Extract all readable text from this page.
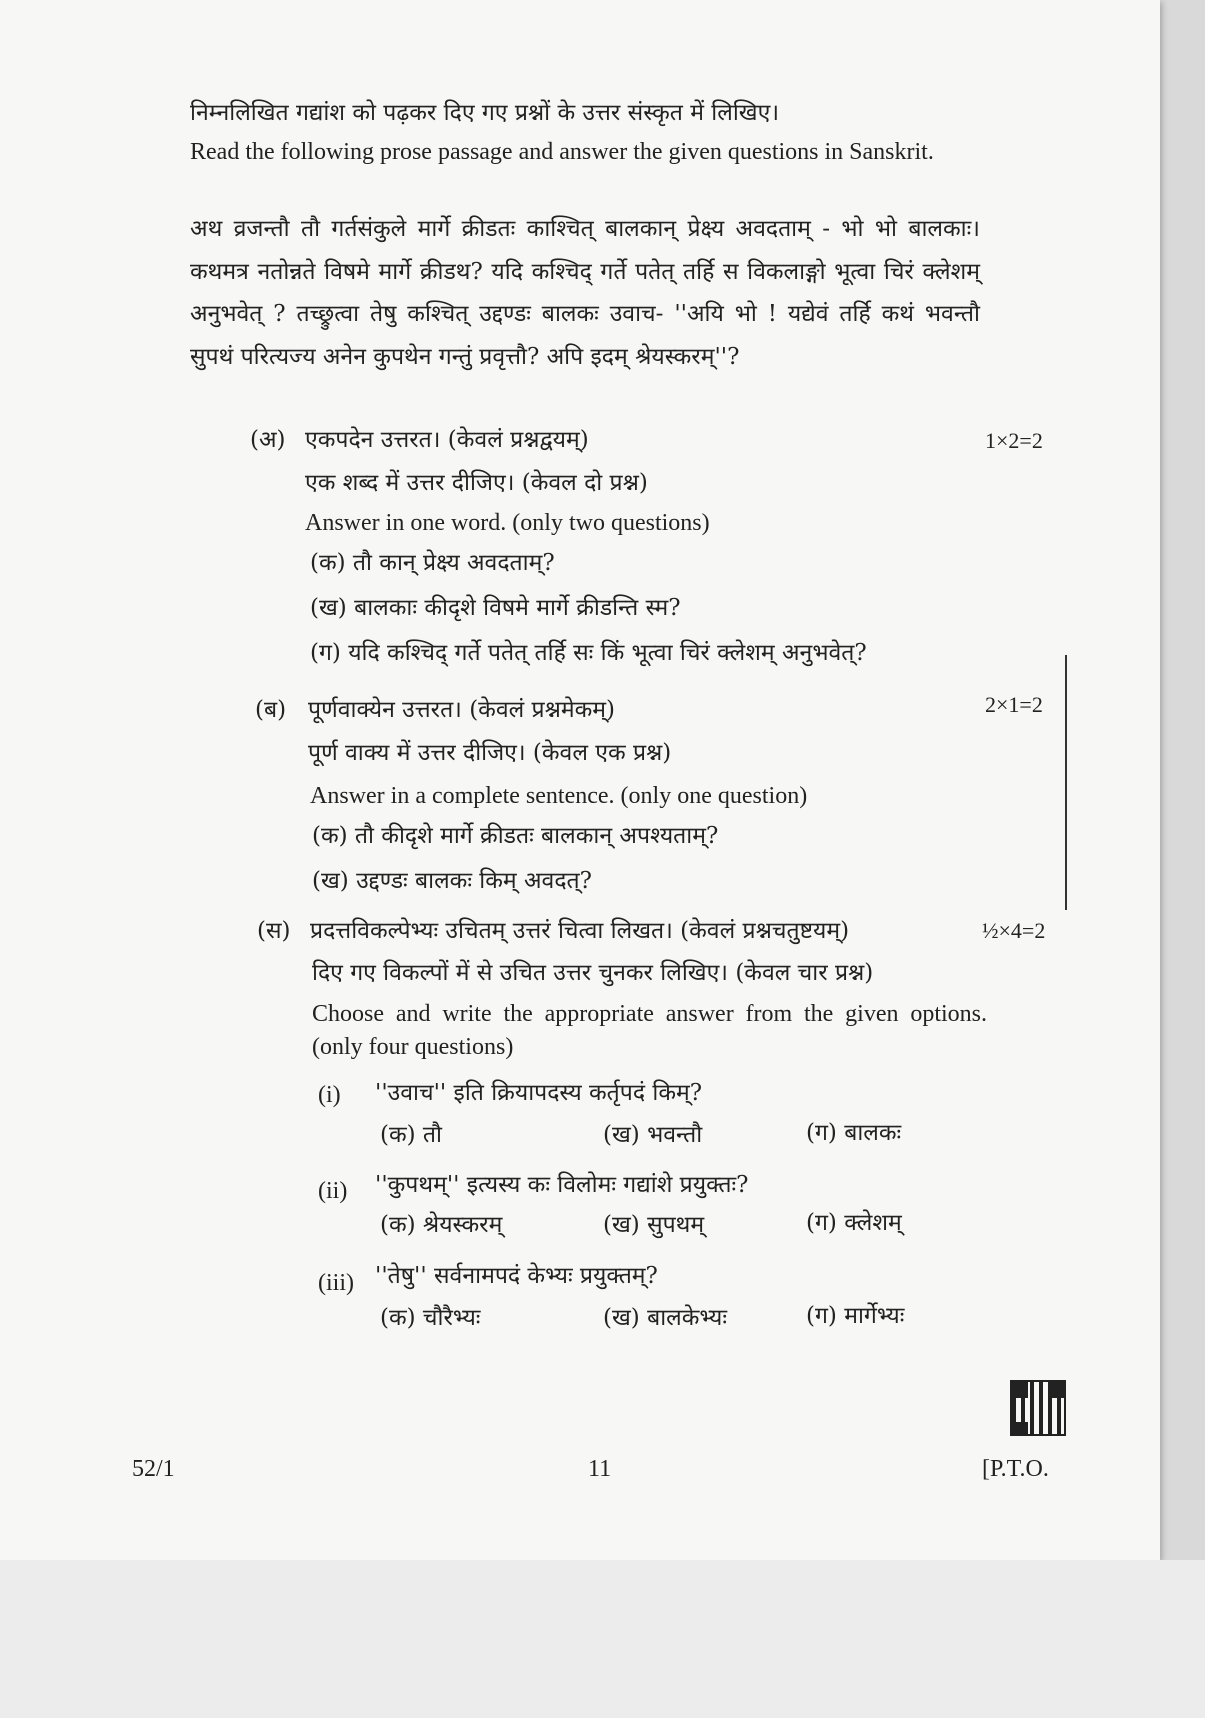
निम्नलिखित गद्यांश को पढ़कर दिए गए प्रश्नों के उत्तर संस्कृत में लिखिए।
Read the following prose passage and answer the given questions in Sanskrit.
अथ व्रजन्तौ तौ गर्तसंकुले मार्गे क्रीडतः काश्चित् बालकान् प्रेक्ष्य अवदताम् - भो भो बालकाः। कथमत्र नतोन्नते विषमे मार्गे क्रीडथ? यदि कश्चिद् गर्ते पतेत् तर्हि स विकलाङ्गो भूत्वा चिरं क्लेशम् अनुभवेत् ? तच्छ्रुत्वा तेषु कश्चित् उद्दण्डः बालकः उवाच- ''अयि भो ! यद्येवं तर्हि कथं भवन्तौ सुपथं परित्यज्य अनेन कुपथेन गन्तुं प्रवृत्तौ? अपि इदम् श्रेयस्करम्''?
(अ) एकपदेन उत्तरत। (केवलं प्रश्नद्वयम्)	1×2=2
एक शब्द में उत्तर दीजिए। (केवल दो प्रश्न)
Answer in one word. (only two questions)
(क) तौ कान् प्रेक्ष्य अवदताम्?
(ख) बालकाः कीदृशे विषमे मार्गे क्रीडन्ति स्म?
(ग) यदि कश्चिद् गर्ते पतेत् तर्हि सः किं भूत्वा चिरं क्लेशम् अनुभवेत्?
(ब) पूर्णवाक्येन उत्तरत। (केवलं प्रश्नमेकम्)	2×1=2
पूर्ण वाक्य में उत्तर दीजिए। (केवल एक प्रश्न)
Answer in a complete sentence. (only one question)
(क) तौ कीदृशे मार्गे क्रीडतः बालकान् अपश्यताम्?
(ख) उद्दण्डः बालकः किम् अवदत्?
(स) प्रदत्तविकल्पेभ्यः उचितम् उत्तरं चित्वा लिखत। (केवलं प्रश्नचतुष्टयम्)	½×4=2
दिए गए विकल्पों में से उचित उत्तर चुनकर लिखिए। (केवल चार प्रश्न)
Choose and write the appropriate answer from the given options. (only four questions)
(i) ''उवाच'' इति क्रियापदस्य कर्तृपदं किम्?
(क) तौ	(ख) भवन्तौ	(ग) बालकः
(ii) ''कुपथम्'' इत्यस्य कः विलोमः गद्यांशे प्रयुक्तः?
(क) श्रेयस्करम्	(ख) सुपथम्	(ग) क्लेशम्
(iii) ''तेषु'' सर्वनामपदं केभ्यः प्रयुक्तम्?
(क) चौरैभ्यः	(ख) बालकेभ्यः	(ग) मार्गेभ्यः
52/1	11	[P.T.O.
